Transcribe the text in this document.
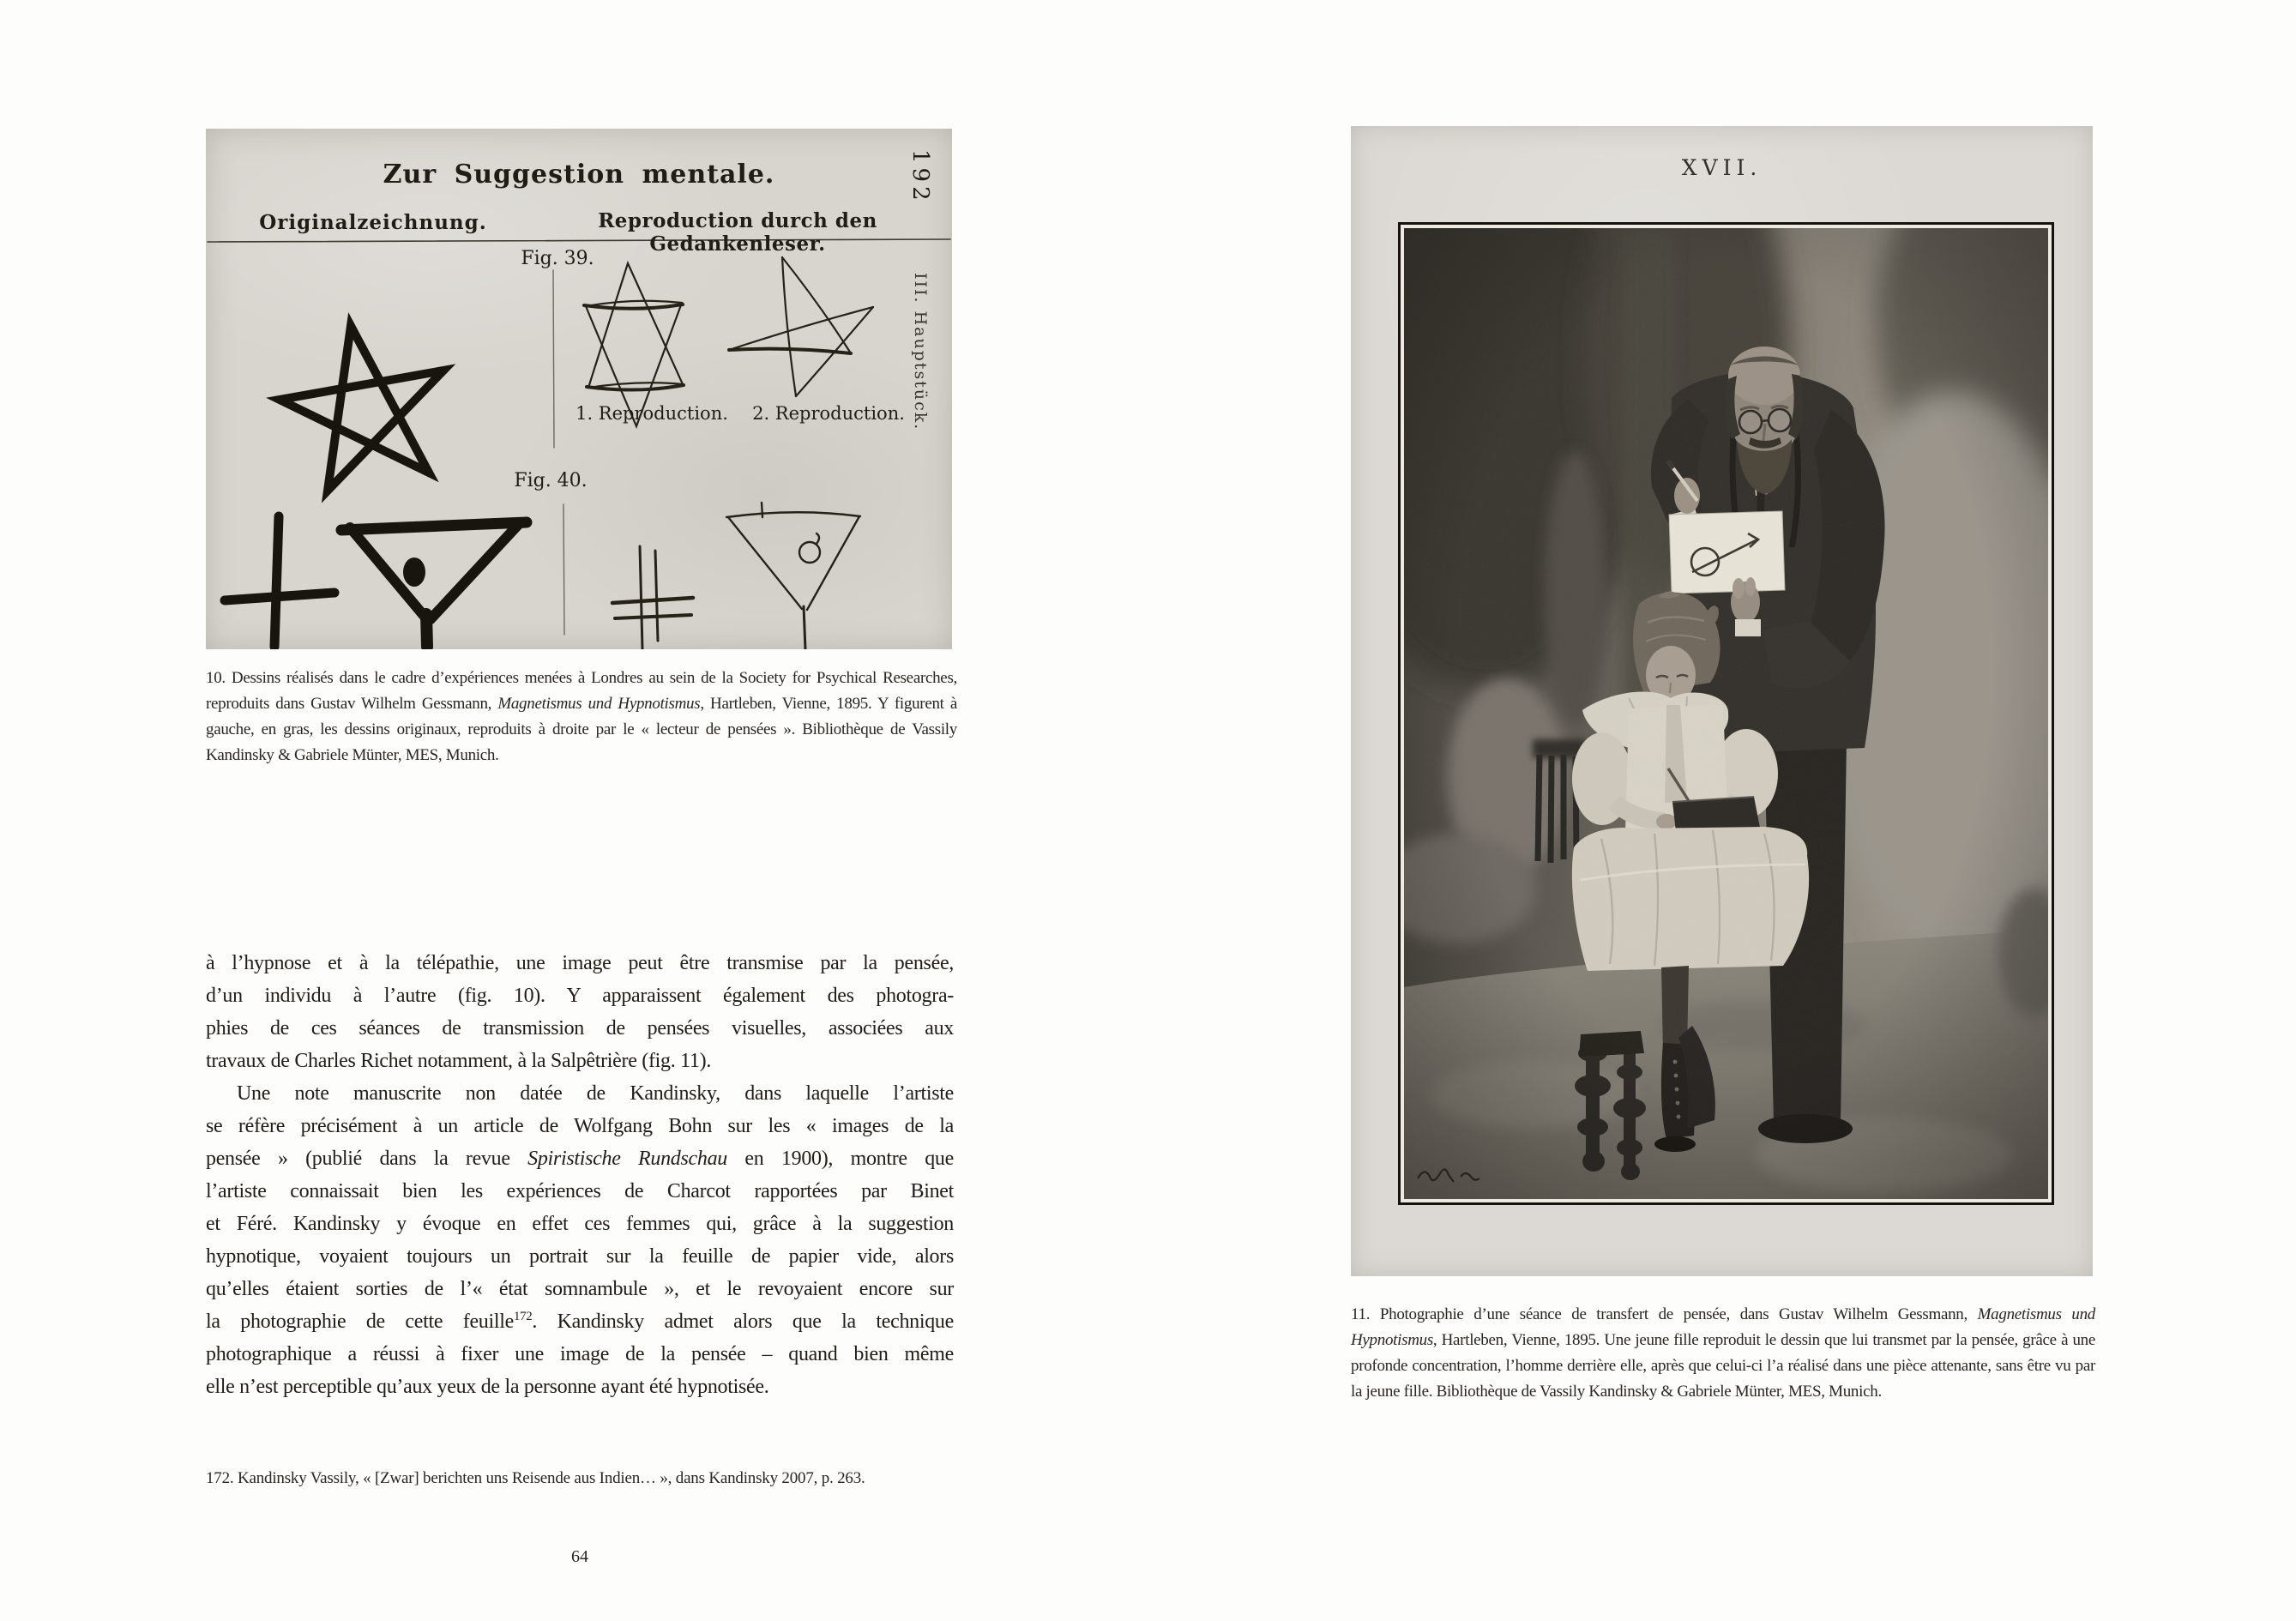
Zur Suggestion mentale.
Originalzeichnung.	Reproduction durch den Gedankenleser.
Fig. 39.
1. Reproduction.	2. Reproduction.
Fig. 40.
192
III. Hauptstück.
10. Dessins réalisés dans le cadre d’expériences menées à Londres au sein de la Society for Psychical Researches, reproduits dans Gustav Wilhelm Gessmann, Magnetismus und Hypnotismus, Hartleben, Vienne, 1895. Y figurent à gauche, en gras, les dessins originaux, reproduits à droite par le « lecteur de pensées ». Bibliothèque de Vassily Kandinsky & Gabriele Münter, MES, Munich.
à l’hypnose et à la télépathie, une image peut être transmise par la pensée,
d’un individu à l’autre (fig. 10). Y apparaissent également des photogra-
phies de ces séances de transmission de pensées visuelles, associées aux
travaux de Charles Richet notamment, à la Salpêtrière (fig. 11).
Une note manuscrite non datée de Kandinsky, dans laquelle l’artiste
se réfère précisément à un article de Wolfgang Bohn sur les « images de la
pensée » (publié dans la revue Spiristische Rundschau en 1900), montre que
l’artiste connaissait bien les expériences de Charcot rapportées par Binet
et Féré. Kandinsky y évoque en effet ces femmes qui, grâce à la suggestion
hypnotique, voyaient toujours un portrait sur la feuille de papier vide, alors
qu’elles étaient sorties de l’« état somnambule », et le revoyaient encore sur
la photographie de cette feuille$^{172}$. Kandinsky admet alors que la technique
photographique a réussi à fixer une image de la pensée – quand bien même
elle n’est perceptible qu’aux yeux de la personne ayant été hypnotisée.
172. Kandinsky Vassily, « [Zwar] berichten uns Reisende aus Indien… », dans Kandinsky 2007, p. 263.
64
XVII.
11. Photographie d’une séance de transfert de pensée, dans Gustav Wilhelm Gessmann, Magnetismus und Hypnotismus, Hartleben, Vienne, 1895. Une jeune fille reproduit le dessin que lui transmet par la pensée, grâce à une profonde concentration, l’homme derrière elle, après que celui-ci l’a réalisé dans une pièce attenante, sans être vu par la jeune fille. Bibliothèque de Vassily Kandinsky & Gabriele Münter, MES, Munich.
